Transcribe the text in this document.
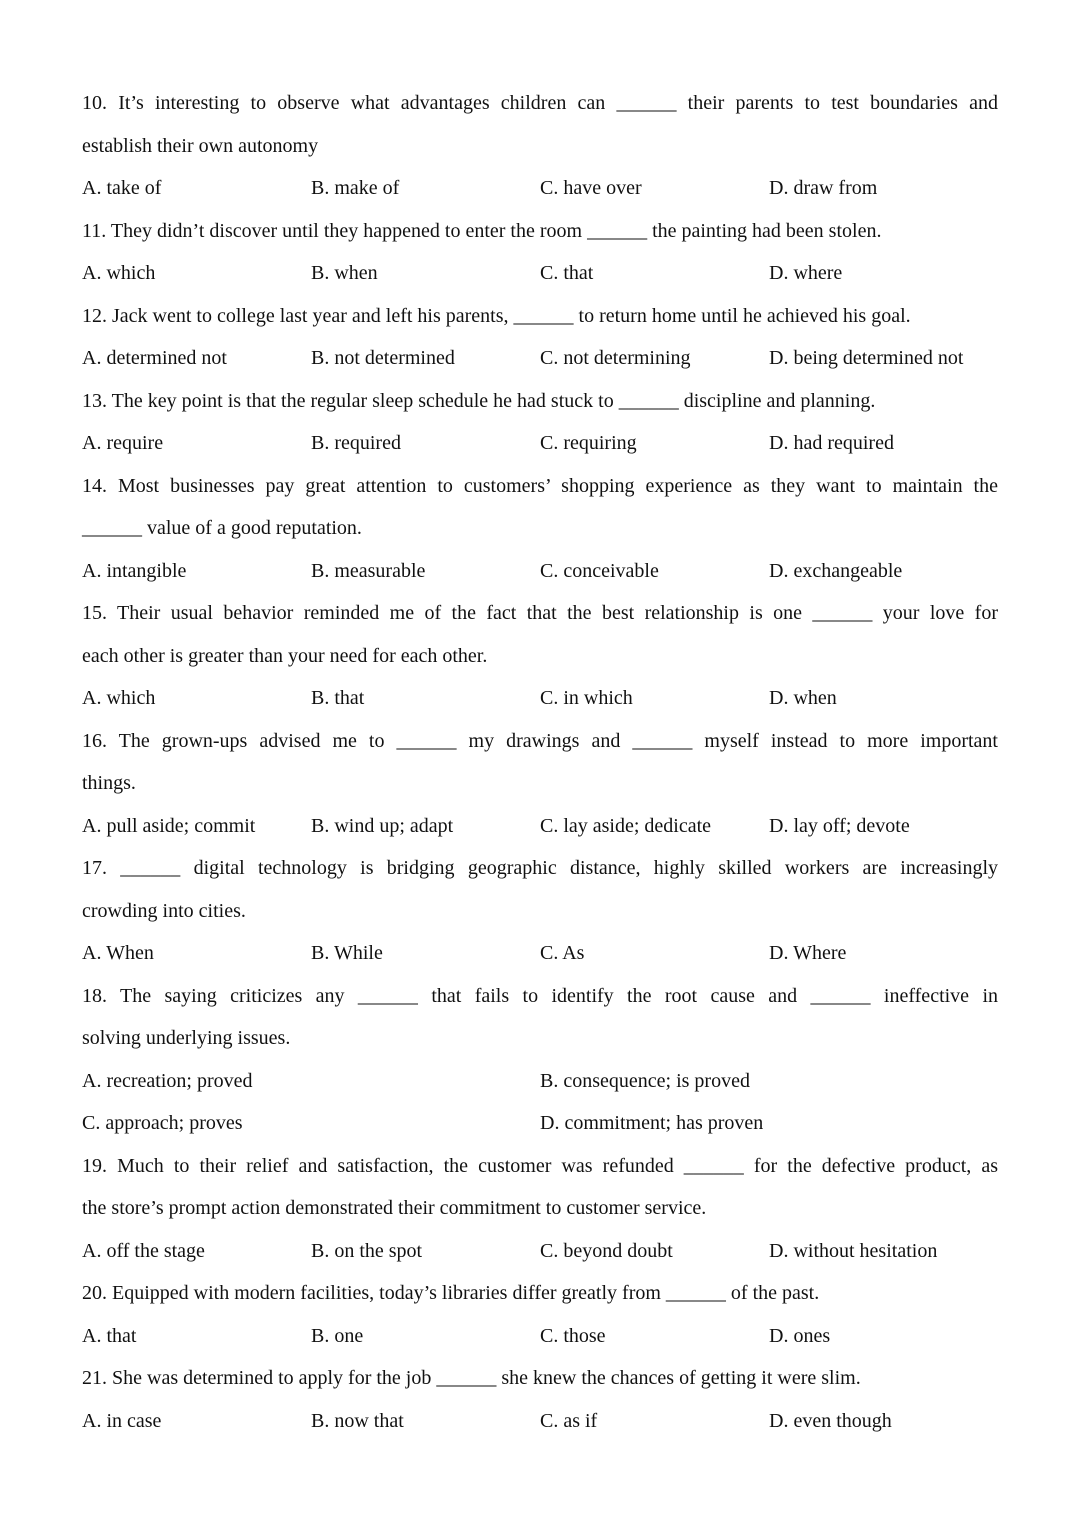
10. It’s interesting to observe what advantages children can ______ their parents to test boundaries and

establish their own autonomy

A. take of	B. make of	C. have over	D. draw from

11. They didn’t discover until they happened to enter the room ______ the painting had been stolen.

A. which	B. when	C. that	D. where

12. Jack went to college last year and left his parents, ______ to return home until he achieved his goal.

A. determined not	B. not determined	C. not determining	D. being determined not

13. The key point is that the regular sleep schedule he had stuck to ______ discipline and planning.

A. require	B. required	C. requiring	D. had required

14. Most businesses pay great attention to customers’ shopping experience as they want to maintain the

______ value of a good reputation.

A. intangible	B. measurable	C. conceivable	D. exchangeable

15. Their usual behavior reminded me of the fact that the best relationship is one ______ your love for

each other is greater than your need for each other.

A. which	B. that	C. in which	D. when

16. The grown-ups advised me to ______ my drawings and ______ myself instead to more important

things.

A. pull aside; commit	B. wind up; adapt	C. lay aside; dedicate	D. lay off; devote

17. ______ digital technology is bridging geographic distance, highly skilled workers are increasingly

crowding into cities.

A. When	B. While	C. As	D. Where

18. The saying criticizes any ______ that fails to identify the root cause and ______ ineffective in

solving underlying issues.

A. recreation; proved	B. consequence; is proved
C. approach; proves	D. commitment; has proven

19. Much to their relief and satisfaction, the customer was refunded ______ for the defective product, as

the store’s prompt action demonstrated their commitment to customer service.

A. off the stage	B. on the spot	C. beyond doubt	D. without hesitation

20. Equipped with modern facilities, today’s libraries differ greatly from ______ of the past.

A. that	B. one	C. those	D. ones

21. She was determined to apply for the job ______ she knew the chances of getting it were slim.

A. in case	B. now that	C. as if	D. even though
